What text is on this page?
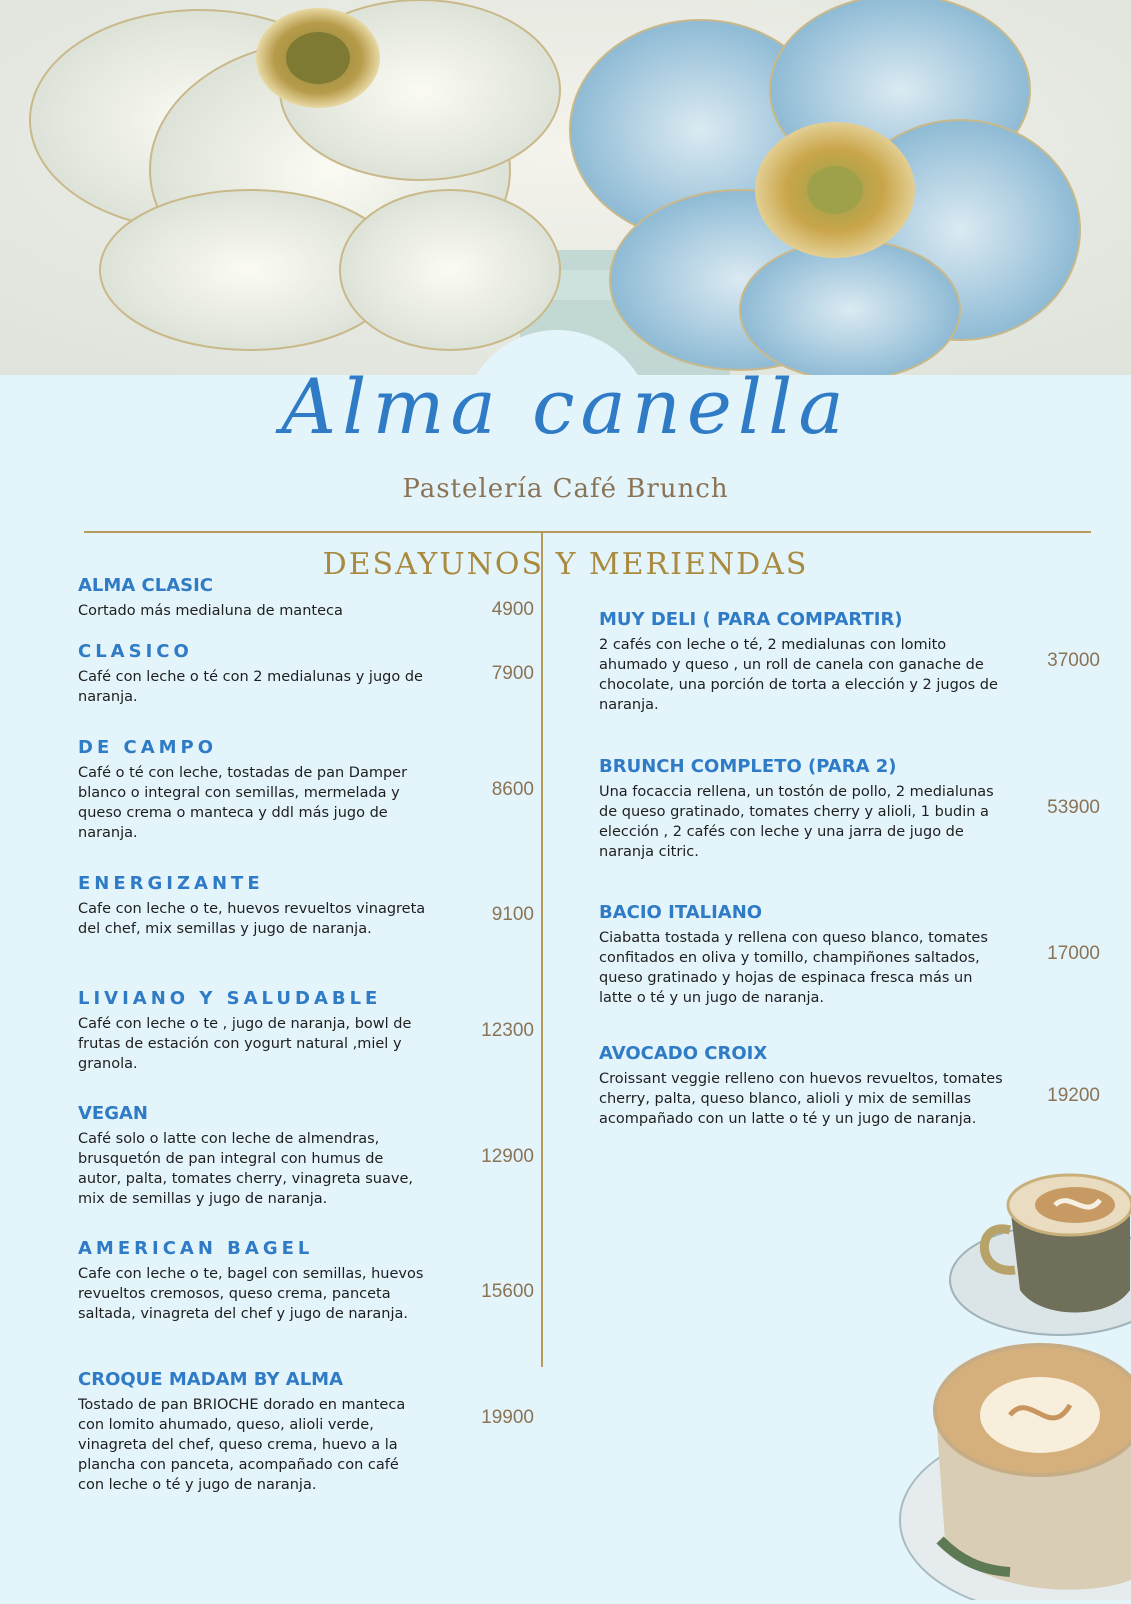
Alma canella
Pastelería Café Brunch
DESAYUNOS Y MERIENDAS
ALMA CLASIC
Cortado más medialuna de manteca	4900
CLASICO
Café con leche o té con 2 medialunas y jugo de naranja.
7900
DE CAMPO
Café o té con leche, tostadas de pan Damper blanco o integral con semillas, mermelada y queso crema o manteca y ddl más jugo de naranja.
8600
ENERGIZANTE
Cafe con leche o te, huevos revueltos vinagreta del chef, mix semillas y jugo de naranja.
9100
LIVIANO Y SALUDABLE
Café con leche o te , jugo de naranja, bowl de frutas de estación con yogurt natural ,miel y granola.
12300
VEGAN
Café solo o latte con leche de almendras, brusquetón de pan integral con humus de autor, palta, tomates cherry, vinagreta suave, mix de semillas y jugo de naranja.
12900
AMERICAN BAGEL
Cafe con leche o te, bagel con semillas, huevos revueltos cremosos, queso crema, panceta saltada, vinagreta del chef y jugo de naranja.
15600
CROQUE MADAM BY ALMA
Tostado de pan BRIOCHE dorado en manteca con lomito ahumado, queso, alioli verde, vinagreta del chef, queso crema, huevo a la plancha con panceta, acompañado con café con leche o té y jugo de naranja.
19900
MUY DELI ( PARA COMPARTIR)
2 cafés con leche o té, 2 medialunas con lomito ahumado y queso , un roll de canela con ganache de chocolate, una porción de torta a elección y 2 jugos de naranja.
37000
BRUNCH COMPLETO (PARA 2)
Una focaccia rellena, un tostón de pollo, 2 medialunas de queso gratinado, tomates cherry y alioli, 1 budin a elección , 2 cafés con leche y una jarra de jugo de naranja citric.
53900
BACIO ITALIANO
Ciabatta tostada y rellena con queso blanco, tomates confitados en oliva y tomillo, champiñones saltados, queso gratinado y hojas de espinaca fresca más un latte o té y un jugo de naranja.
17000
AVOCADO CROIX
Croissant veggie relleno con huevos revueltos, tomates cherry, palta, queso blanco, alioli y mix de semillas acompañado con un latte o té y un jugo de naranja.
19200
